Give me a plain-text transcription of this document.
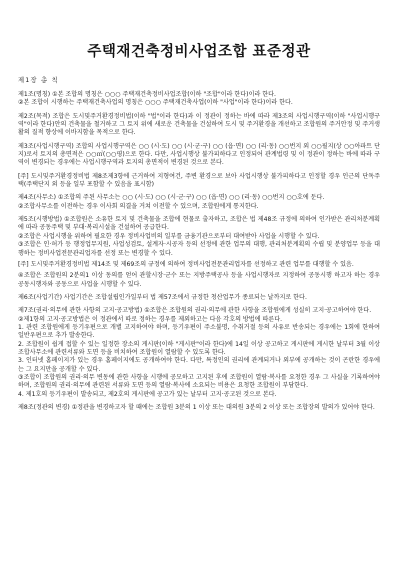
주택재건축정비사업조합 표준정관
제1장 총 칙

제1조(명칭) ①본 조합의 명칭은 ○○○ 주택재건축정비사업조합(이하 "조합"이라 한다)이라 한다.
②본 조합이 시행하는 주택재건축사업의 명칭은 ○○○ 주택재건축사업(이하 "사업"이라 한다)이라 한다.

제2조(목적) 조합은 도시및주거환경정비법(이하 "법"이라 한다)과 이 정관이 정하는 바에 따라 제3조의 사업시행구역(이하 "사업시행구역"이라 한다)안의 건축물을 철거하고 그 토지 위에 새로운 건축물을 건설하여 도시 및 주거환경을 개선하고 조합원의 주거안정 및 주거생활의 질적 향상에 이바지함을 목적으로 한다.

제3조(사업시행구역) 조합의 사업시행구역은 ○○ (시·도) ○○ (시·군·구) ○○ (읍·면) ○○ (리·동) ○○번지 외 ○○필지(상 ○○아파트 단지)로서 토지의 총면적은 ○○㎡(○○평)으로 한다. 다만, 사업시행상 불가피하다고 인정되어 관계법령 및 이 정관이 정하는 바에 따라 구역이 변경되는 경우에는 사업시행구역과 토지의 총면적이 변경된 것으로 본다.

[주] 도시및주거환경정비법 제8조제3항에 근거하여 지형여건, 주변 환경으로 보아 사업시행상 불가피하다고 인정할 경우 인근의 단독주택(주택단지 외 등을 일부 포함할 수 있음을 표시함)

제4조(사무소) ①조합의 주된 사무소는 ○○ (시·도) ○○ (시·군·구) ○○ (읍·면) ○○ (리·동) ○○번지 ○○호에 둔다.
②조합사무소를 이전하는 경우 이사회 의결을 거쳐 이전할 수 있으며, 조합원에게 통지한다.

제5조(시행방법) ①조합원은 소유한 토지 및 건축물을 조합에 현물로 출자하고, 조합은 법 제48조 규정에 의하여 인가받은 관리처분계획에 따라 공동주택 및 부대·복리시설을 건설하여 공급한다.
②조합은 사업시행을 위하여 필요한 경우 정비사업비의 일부를 금융기관으로부터 대여받아 사업을 시행할 수 있다.
③조합은 인·허가 등 행정업무지원, 사업성검토, 설계자·시공자 등의 선정에 관한 업무의 대행, 관리처분계획의 수립 및 분양업무 등을 대행하는 정비사업전문관리업자를 선정 또는 변경할 수 있다.

[주] 도시및주거환경정비법 제14조 및 제69조의 규정에 의하여 정비사업전문관리업자를 선정하고 관련 업무를 대행할 수 있음.

④조합은 조합원의 2분의1 이상 동의를 얻어 관할시장·군수 또는 지방주택공사 등을 사업시행자로 지정하여 공동시행 하고자 하는 경우 공동시행자와 공동으로 사업을 시행할 수 있다.

제6조(사업기간) 사업기간은 조합설립인가일부터 법 제57조에서 규정한 청산업무가 종료되는 날까지로 한다.

제7조(권리·의무에 관한 사항의 고지·공고방법) ①조합은 조합원의 권리·의무에 관한 사항을 조합원에게 성실히 고지·공고하여야 한다.
②제1항의 고지·공고방법은 이 정관에서 따로 정하는 경우를 제외하고는 다음 각호의 방법에 따른다.
1. 관련 조합원에게 등기우편으로 개별 고지하여야 하며, 등기우편이 주소불명, 수취거절 등의 사유로 반송되는 경우에는 1회에 한하여 일반우편으로 추가 발송한다.
2. 조합원이 쉽게 접할 수 있는 일정한 장소의 게시판(이하 "게시판"이라 한다)에 14일 이상 공고하고 게시판에 게시한 날부터 3월 이상 조합사무소에 관련서류와 도면 등을 비치하여 조합원이 열람할 수 있도록 한다.
3. 인터넷 홈페이지가 있는 경우 홈페이지에도 공개하여야 한다. 다만, 특정인의 권리에 관계되거나 외부에 공개하는 것이 곤란한 경우에는 그 요지만을 공개할 수 있다.
③조합이 조합원의 권리·의무 변동에 관한 사항을 시행에 공모하고 고지된 후에 조합원이 열람·복사를 요청한 경우 그 사실을 기록하여야 하며, 조합원의 권리·의무에 관련된 서류와 도면 등의 열람·복사에 소요되는 비용은 요청한 조합원이 부담한다.
4. 제1호의 등기우편이 발송되고, 제2호의 게시판에 공고가 있는 날부터 고지·공고된 것으로 본다.

제8조(정관의 변경) ①정관을 변경하고자 할 때에는 조합원 3분의 1 이상 또는 대의원 3분의 2 이상 또는 조합장의 발의가 있어야 한다.
